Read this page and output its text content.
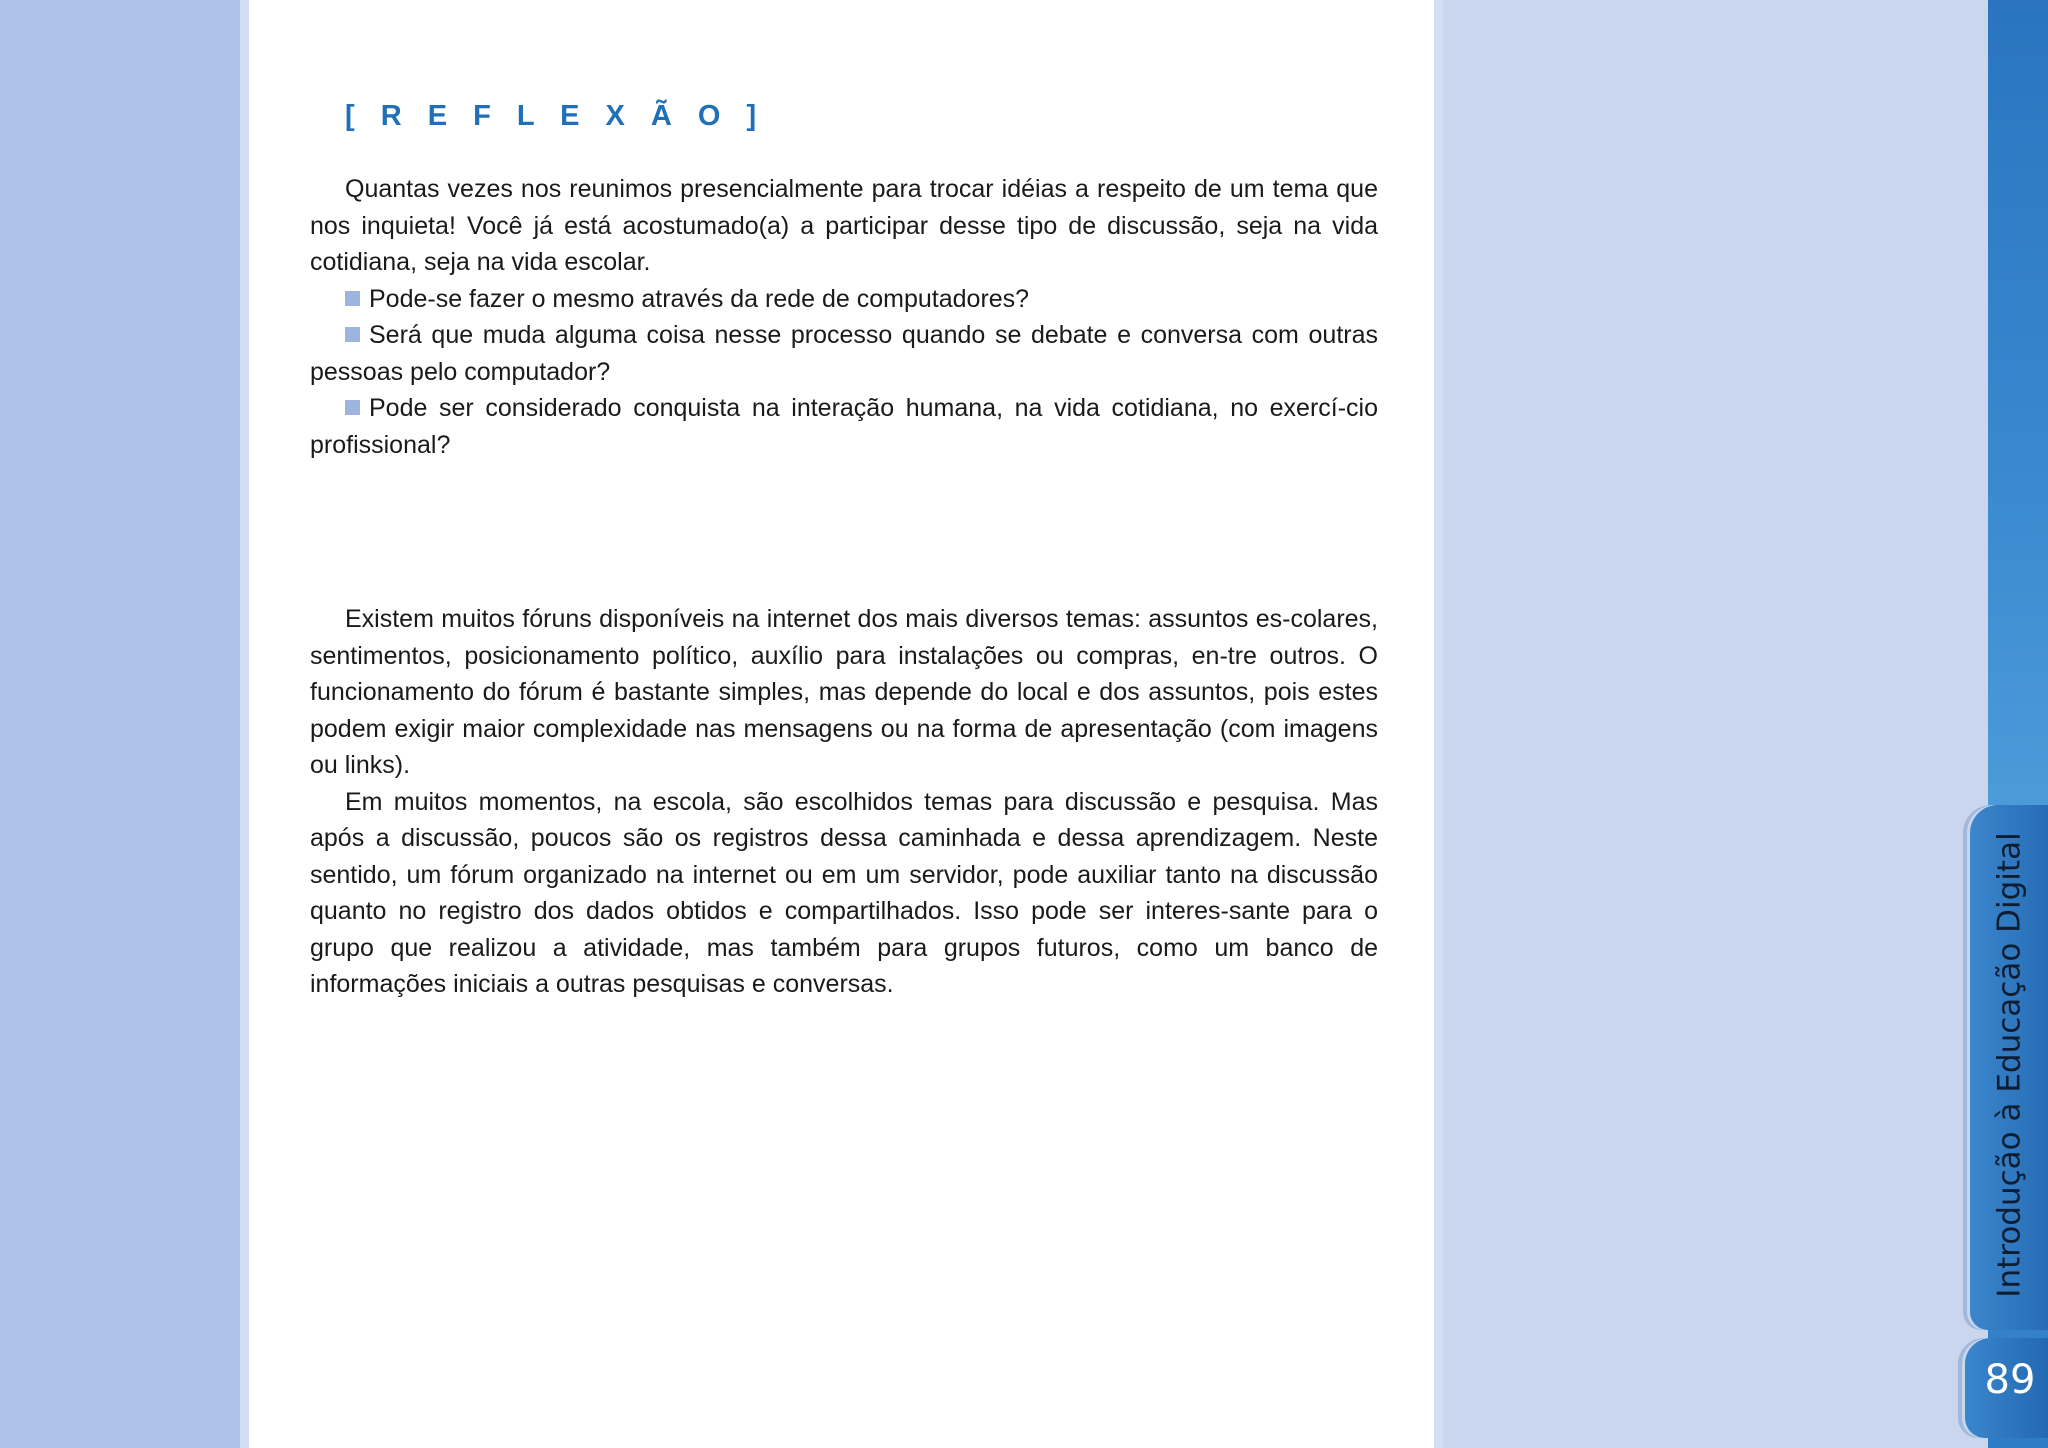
[ R E F L E X Ã O ]

Quantas vezes nos reunimos presencialmente para trocar idéias a respeito de um tema que nos inquieta! Você já está acostumado(a) a participar desse tipo de discussão, seja na vida cotidiana, seja na vida escolar.

Pode-se fazer o mesmo através da rede de computadores?

Será que muda alguma coisa nesse processo quando se debate e conversa com outras pessoas pelo computador?

Pode ser considerado conquista na interação humana, na vida cotidiana, no exercí-cio profissional?

Existem muitos fóruns disponíveis na internet dos mais diversos temas: assuntos es-colares, sentimentos, posicionamento político, auxílio para instalações ou compras, en-tre outros. O funcionamento do fórum é bastante simples, mas depende do local e dos assuntos, pois estes podem exigir maior complexidade nas mensagens ou na forma de apresentação (com imagens ou links).

Em muitos momentos, na escola, são escolhidos temas para discussão e pesquisa. Mas após a discussão, poucos são os registros dessa caminhada e dessa aprendizagem. Neste sentido, um fórum organizado na internet ou em um servidor, pode auxiliar tanto na discussão quanto no registro dos dados obtidos e compartilhados. Isso pode ser interes-sante para o grupo que realizou a atividade, mas também para grupos futuros, como um banco de informações iniciais a outras pesquisas e conversas.	Introdução à Educação Digital
89
